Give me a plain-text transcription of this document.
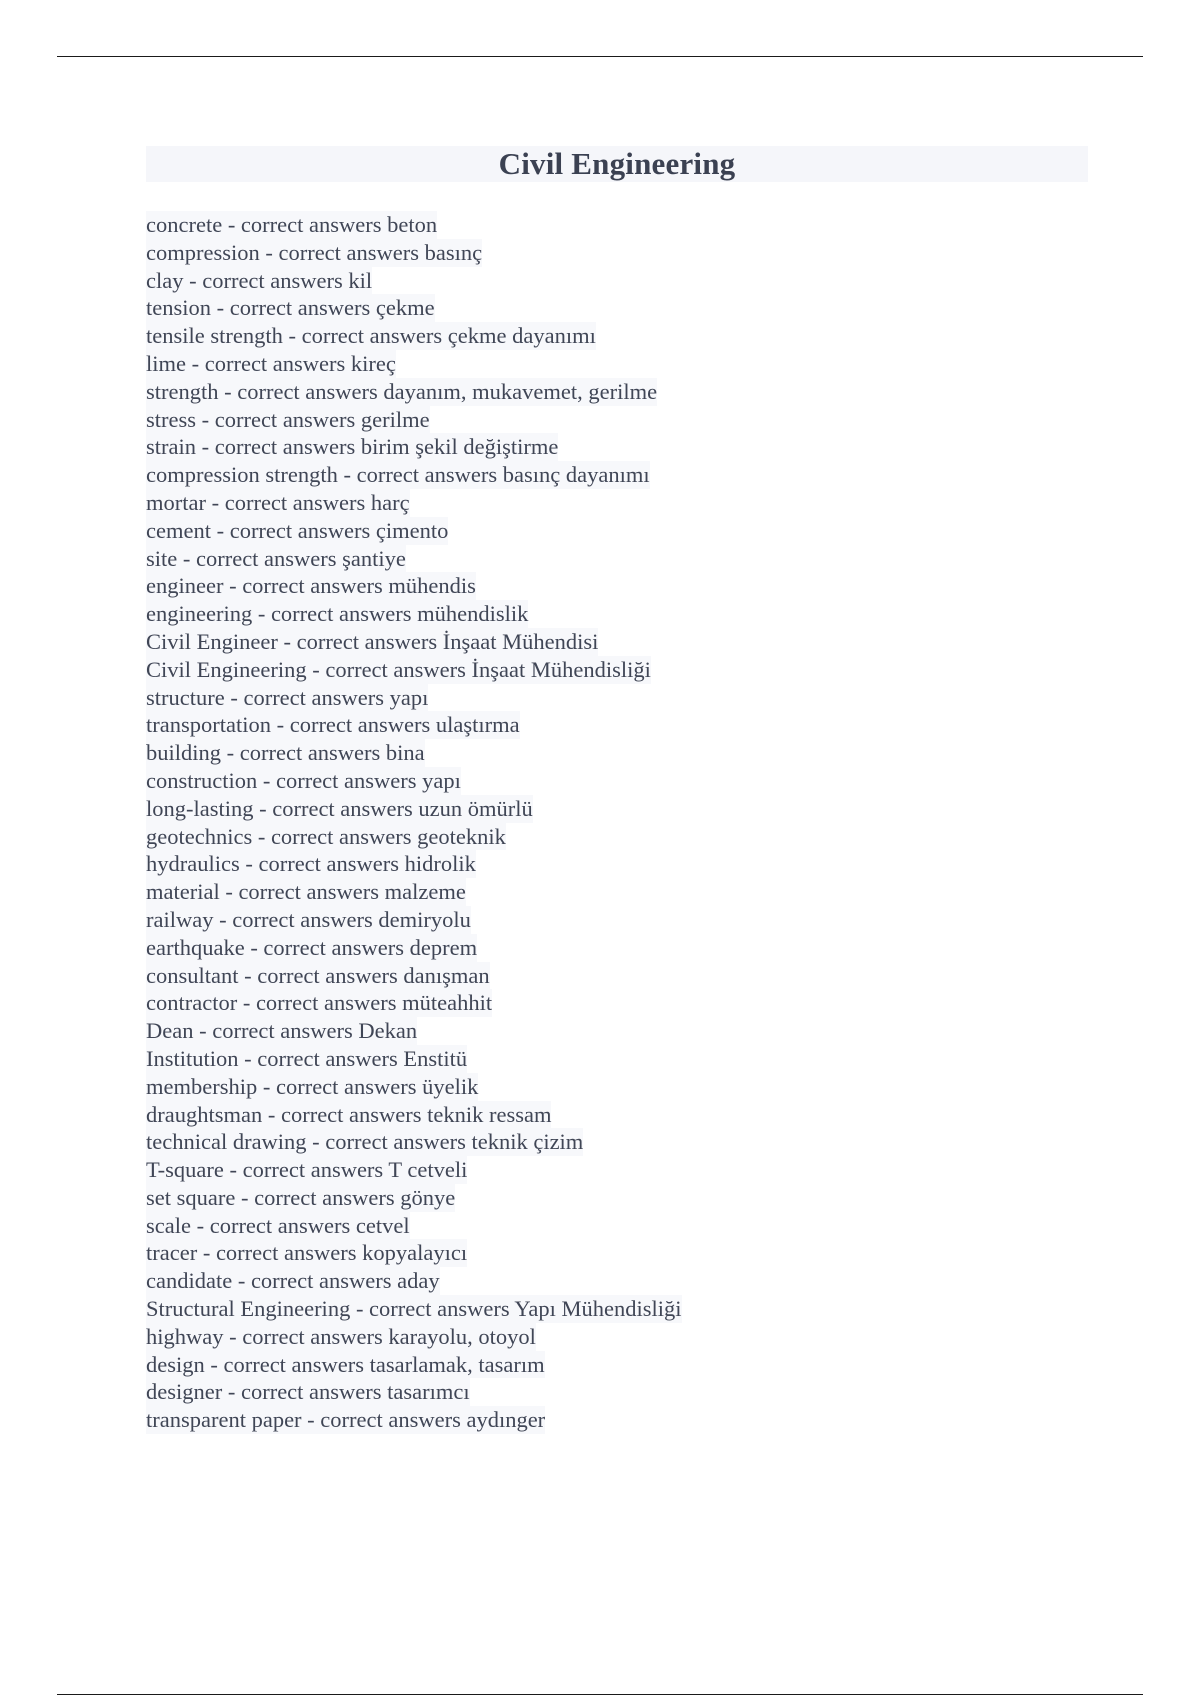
Civil Engineering
concrete - correct answers beton
compression - correct answers basınç
clay - correct answers kil
tension - correct answers çekme
tensile strength - correct answers çekme dayanımı
lime - correct answers kireç
strength - correct answers dayanım, mukavemet, gerilme
stress - correct answers gerilme
strain - correct answers birim şekil değiştirme
compression strength - correct answers basınç dayanımı
mortar - correct answers harç
cement - correct answers çimento
site - correct answers şantiye
engineer - correct answers mühendis
engineering - correct answers mühendislik
Civil Engineer - correct answers İnşaat Mühendisi
Civil Engineering - correct answers İnşaat Mühendisliği
structure - correct answers yapı
transportation - correct answers ulaştırma
building - correct answers bina
construction - correct answers yapı
long-lasting - correct answers uzun ömürlü
geotechnics - correct answers geoteknik
hydraulics - correct answers hidrolik
material - correct answers malzeme
railway - correct answers demiryolu
earthquake - correct answers deprem
consultant - correct answers danışman
contractor - correct answers müteahhit
Dean - correct answers Dekan
Institution - correct answers Enstitü
membership - correct answers üyelik
draughtsman - correct answers teknik ressam
technical drawing - correct answers teknik çizim
T-square - correct answers T cetveli
set square - correct answers gönye
scale - correct answers cetvel
tracer - correct answers kopyalayıcı
candidate - correct answers aday
Structural Engineering - correct answers Yapı Mühendisliği
highway - correct answers karayolu, otoyol
design - correct answers tasarlamak, tasarım
designer - correct answers tasarımcı
transparent paper - correct answers aydınger
